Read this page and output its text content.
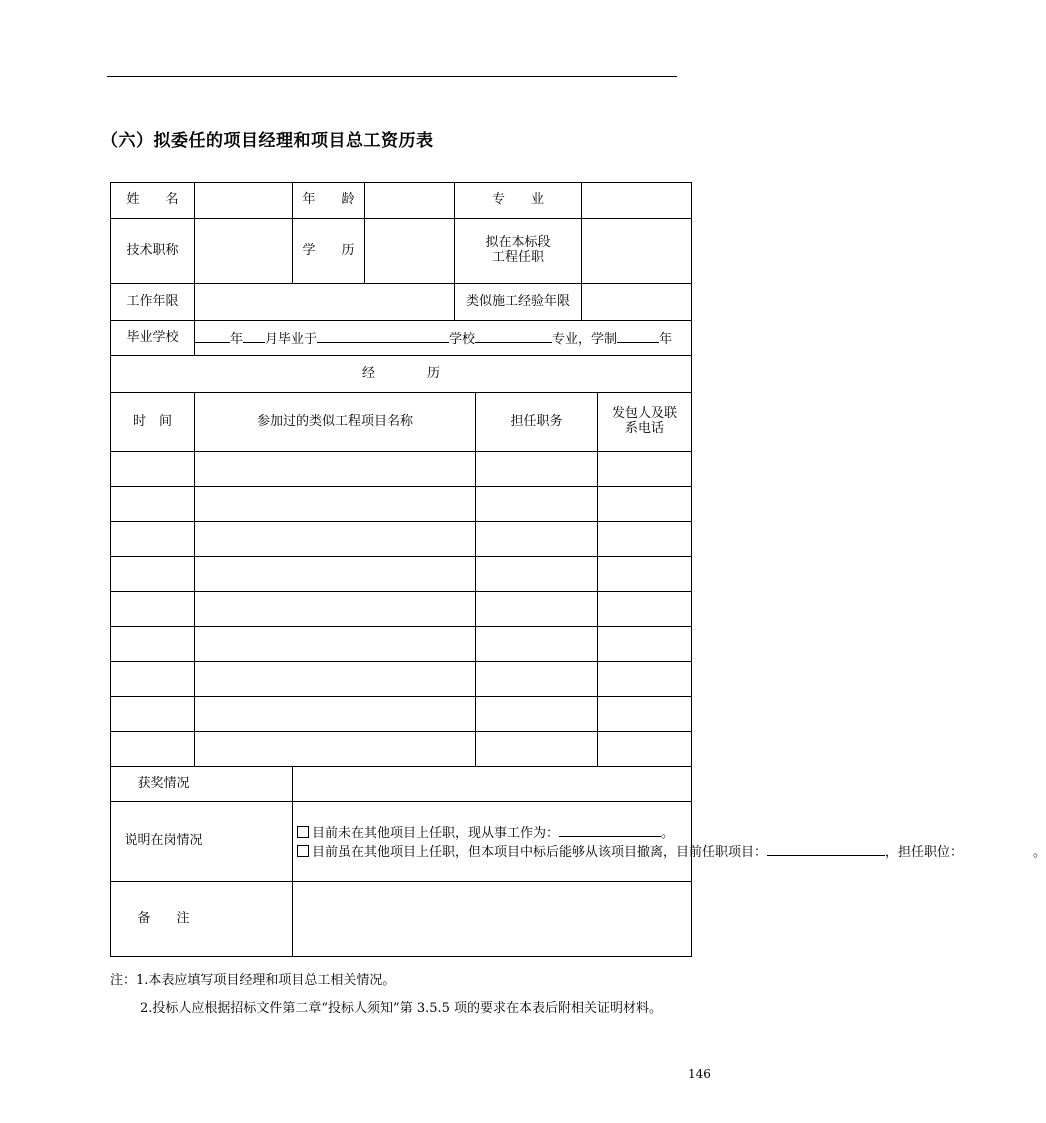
（六）拟委任的项目经理和项目总工资历表
姓　　名		年　　龄		专　　业			
技术职称		学　　历		拟在本标段
工程任职			

工作年限				类似施工经验年限			
毕业学校	年 月毕业于 学校 专业，学制 年						
经　　　　历							
时　间	参加过的类似工程项目名称				担任职务		发包人及联
系电话

获奖情况							
说明在岗情况		目前未在其他项目上任职，现从事工作为： 。
目前虽在其他项目上任职，但本项目中标后能够从该项目撤离，目前任职项目： ，担任职位： 。					

备　　注							
注：1.本表应填写项目经理和项目总工相关情况。
2.投标人应根据招标文件第二章“投标人须知”第 3.5.5 项的要求在本表后附相关证明材料。
146
